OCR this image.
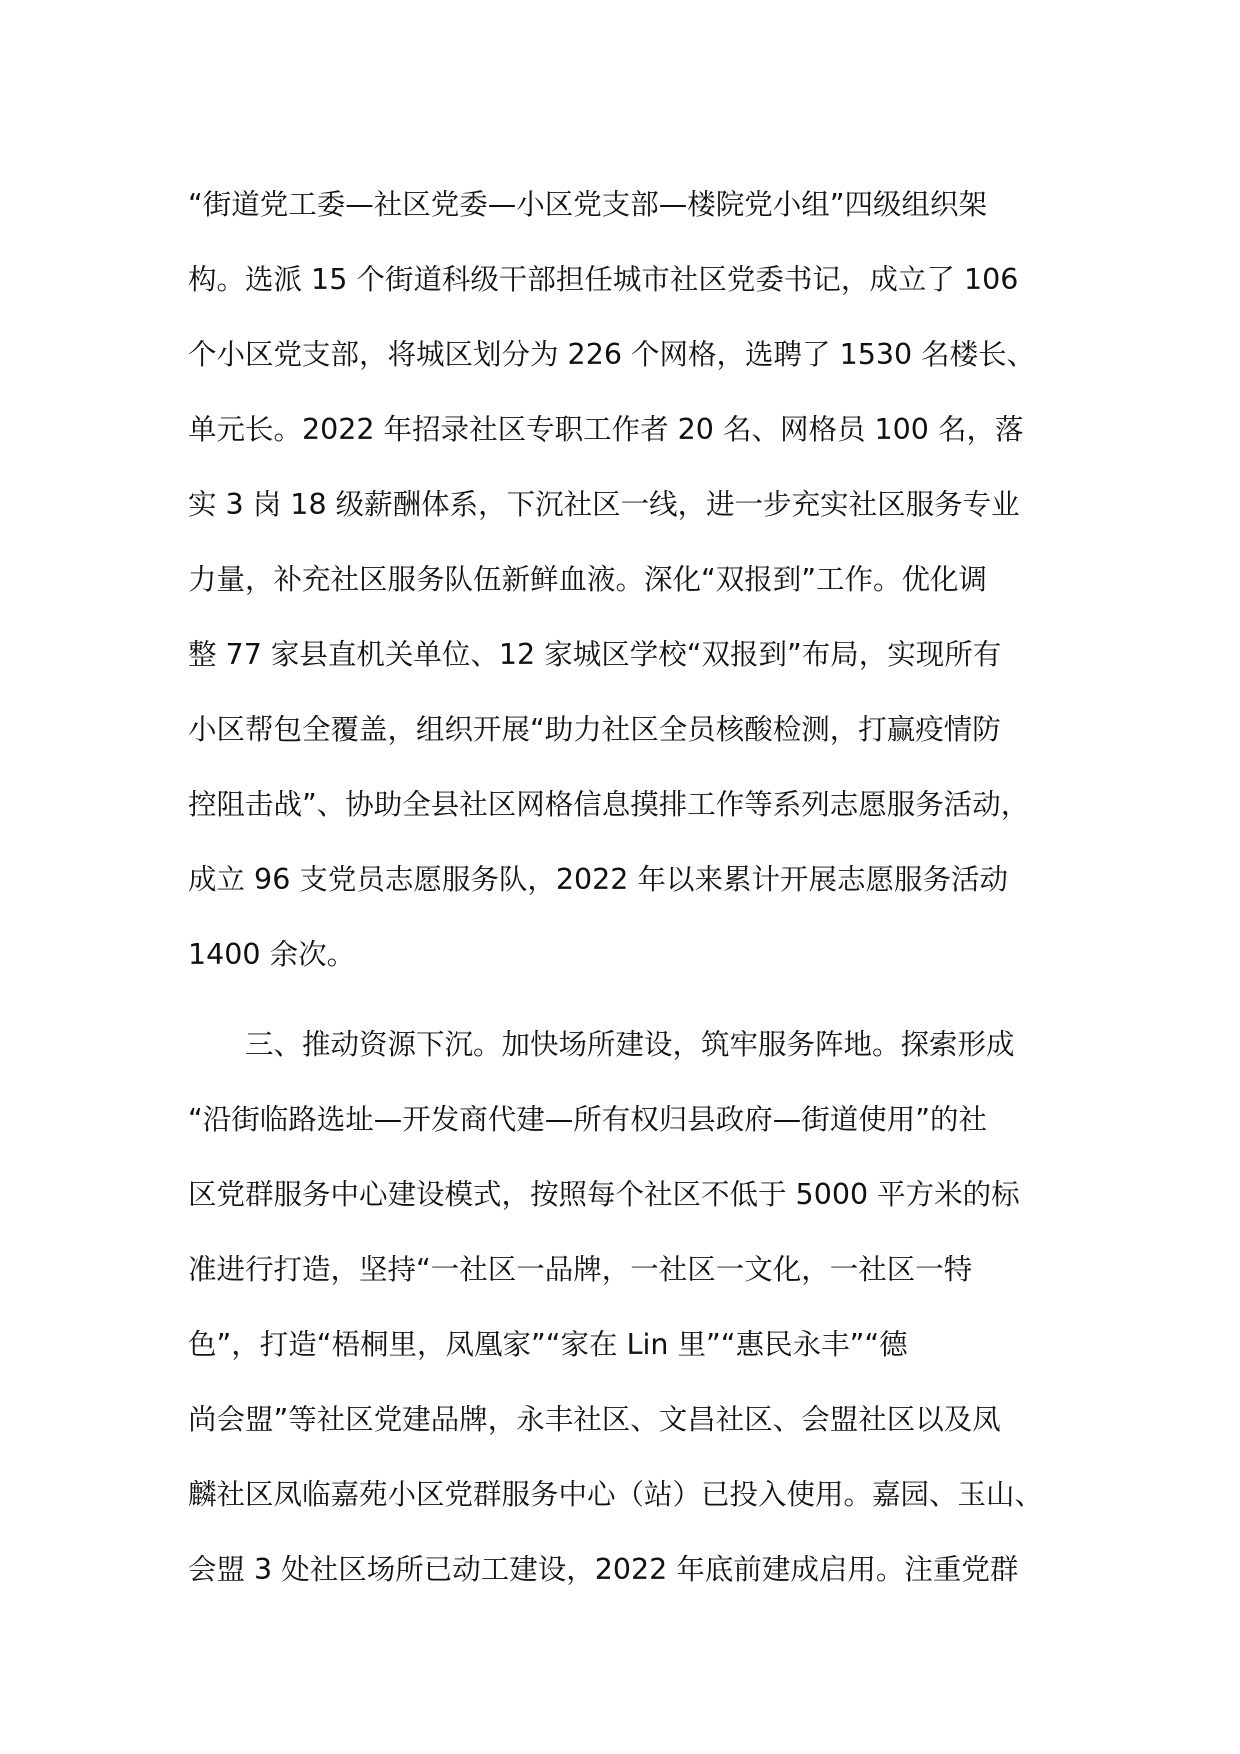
“街道党工委—社区党委—小区党支部—楼院党小组”四级组织架
构。选派 15 个街道科级干部担任城市社区党委书记，成立了 106
个小区党支部，将城区划分为 226 个网格，选聘了 1530 名楼长、
单元长。2022 年招录社区专职工作者 20 名、网格员 100 名，落
实 3 岗 18 级薪酬体系，下沉社区一线，进一步充实社区服务专业
力量，补充社区服务队伍新鲜血液。深化“双报到”工作。优化调
整 77 家县直机关单位、12 家城区学校“双报到”布局，实现所有
小区帮包全覆盖，组织开展“助力社区全员核酸检测，打赢疫情防
控阻击战”、协助全县社区网格信息摸排工作等系列志愿服务活动，
成立 96 支党员志愿服务队，2022 年以来累计开展志愿服务活动
1400 余次。
　　三、推动资源下沉。加快场所建设，筑牢服务阵地。探索形成
“沿街临路选址—开发商代建—所有权归县政府—街道使用”的社
区党群服务中心建设模式，按照每个社区不低于 5000 平方米的标
准进行打造，坚持“一社区一品牌，一社区一文化，一社区一特
色”，打造“梧桐里，凤凰家”“家在 Lin 里”“惠民永丰”“德
尚会盟”等社区党建品牌，永丰社区、文昌社区、会盟社区以及凤
麟社区凤临嘉苑小区党群服务中心（站）已投入使用。嘉园、玉山、
会盟 3 处社区场所已动工建设，2022 年底前建成启用。注重党群
